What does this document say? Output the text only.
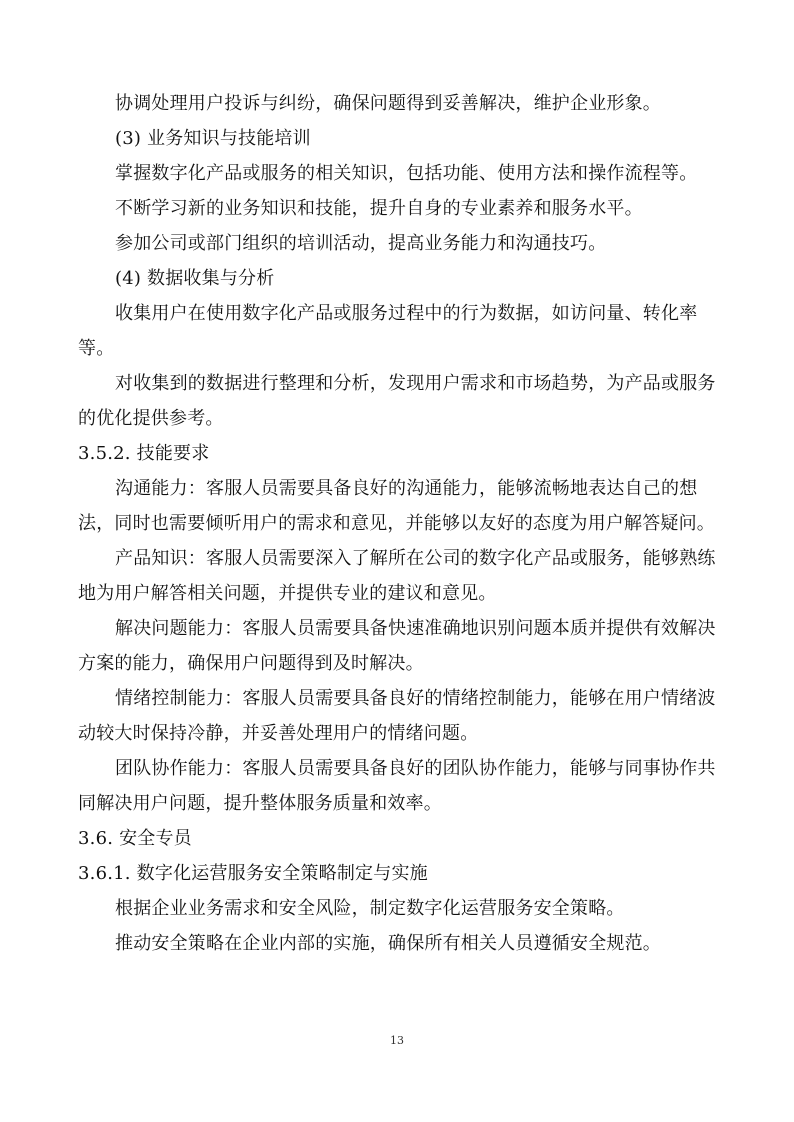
协调处理用户投诉与纠纷，确保问题得到妥善解决，维护企业形象。

(3) 业务知识与技能培训

掌握数字化产品或服务的相关知识，包括功能、使用方法和操作流程等。

不断学习新的业务知识和技能，提升自身的专业素养和服务水平。

参加公司或部门组织的培训活动，提高业务能力和沟通技巧。

(4) 数据收集与分析

收集用户在使用数字化产品或服务过程中的行为数据，如访问量、转化率等。

对收集到的数据进行整理和分析，发现用户需求和市场趋势，为产品或服务的优化提供参考。

3.5.2. 技能要求

沟通能力：客服人员需要具备良好的沟通能力，能够流畅地表达自己的想法，同时也需要倾听用户的需求和意见，并能够以友好的态度为用户解答疑问。

产品知识：客服人员需要深入了解所在公司的数字化产品或服务，能够熟练地为用户解答相关问题，并提供专业的建议和意见。

解决问题能力：客服人员需要具备快速准确地识别问题本质并提供有效解决方案的能力，确保用户问题得到及时解决。

情绪控制能力：客服人员需要具备良好的情绪控制能力，能够在用户情绪波动较大时保持冷静，并妥善处理用户的情绪问题。

团队协作能力：客服人员需要具备良好的团队协作能力，能够与同事协作共同解决用户问题，提升整体服务质量和效率。

3.6. 安全专员

3.6.1. 数字化运营服务安全策略制定与实施

根据企业业务需求和安全风险，制定数字化运营服务安全策略。

推动安全策略在企业内部的实施，确保所有相关人员遵循安全规范。

13
